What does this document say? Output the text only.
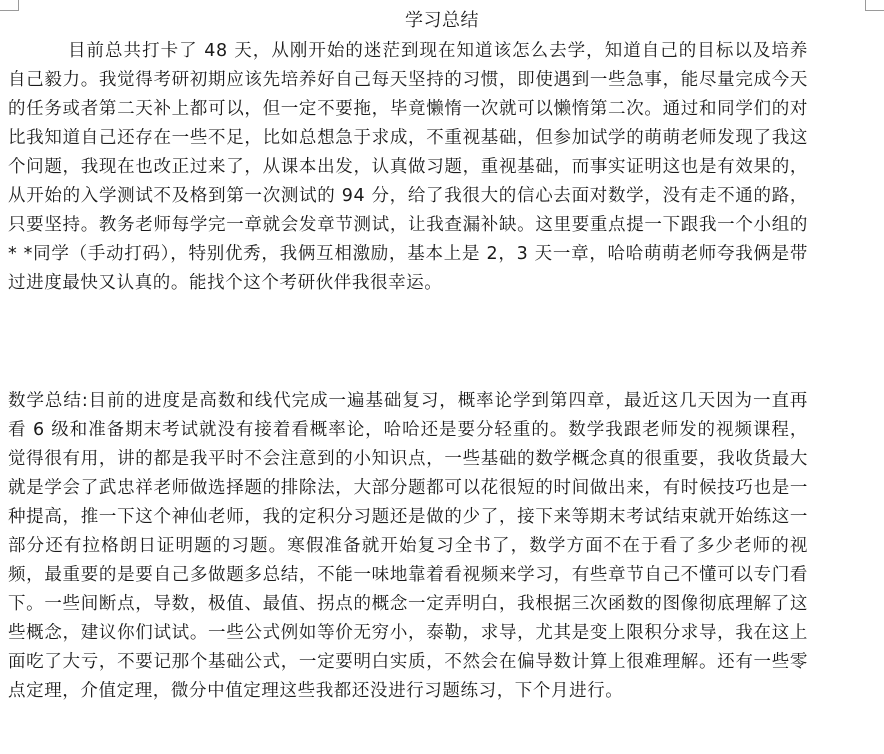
学习总结

目前总共打卡了 48 天，从刚开始的迷茫到现在知道该怎么去学，知道自己的目标以及培养自己毅力。我觉得考研初期应该先培养好自己每天坚持的习惯，即使遇到一些急事，能尽量完成今天的任务或者第二天补上都可以，但一定不要拖，毕竟懒惰一次就可以懒惰第二次。通过和同学们的对比我知道自己还存在一些不足，比如总想急于求成，不重视基础，但参加试学的萌萌老师发现了我这个问题，我现在也改正过来了，从课本出发，认真做习题，重视基础，而事实证明这也是有效果的，从开始的入学测试不及格到第一次测试的 94 分，给了我很大的信心去面对数学，没有走不通的路，只要坚持。教务老师每学完一章就会发章节测试，让我查漏补缺。这里要重点提一下跟我一个小组的* *同学（手动打码），特别优秀，我俩互相激励，基本上是 2，3 天一章，哈哈萌萌老师夸我俩是带过进度最快又认真的。能找个这个考研伙伴我很幸运。

数学总结:目前的进度是高数和线代完成一遍基础复习，概率论学到第四章，最近这几天因为一直再看 6 级和准备期末考试就没有接着看概率论，哈哈还是要分轻重的。数学我跟老师发的视频课程，觉得很有用，讲的都是我平时不会注意到的小知识点，一些基础的数学概念真的很重要，我收货最大就是学会了武忠祥老师做选择题的排除法，大部分题都可以花很短的时间做出来，有时候技巧也是一种提高，推一下这个神仙老师，我的定积分习题还是做的少了，接下来等期末考试结束就开始练这一部分还有拉格朗日证明题的习题。寒假准备就开始复习全书了，数学方面不在于看了多少老师的视频，最重要的是要自己多做题多总结，不能一味地靠着看视频来学习，有些章节自己不懂可以专门看下。一些间断点，导数，极值、最值、拐点的概念一定弄明白，我根据三次函数的图像彻底理解了这些概念，建议你们试试。一些公式例如等价无穷小，泰勒，求导，尤其是变上限积分求导，我在这上面吃了大亏，不要记那个基础公式，一定要明白实质，不然会在偏导数计算上很难理解。还有一些零点定理，介值定理，微分中值定理这些我都还没进行习题练习，下个月进行。
